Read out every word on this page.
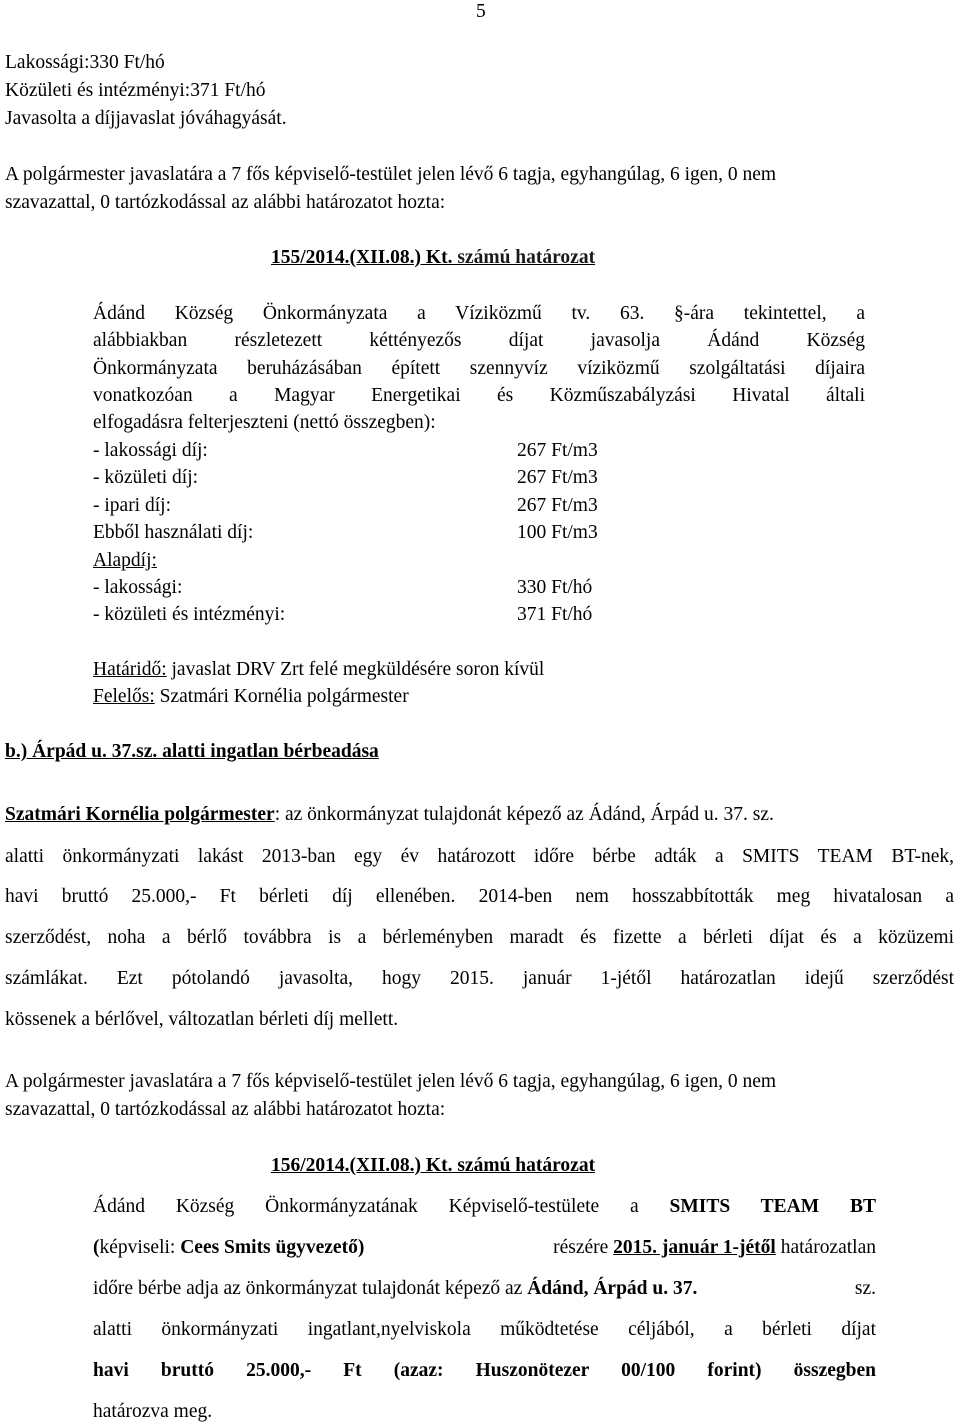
5
Lakossági:330 Ft/hó
Közületi és intézményi:371 Ft/hó
Javasolta a díjjavaslat jóváhagyását.
A polgármester javaslatára a 7 fős képviselő-testület jelen lévő 6 tagja, egyhangúlag, 6 igen, 0 nem
szavazattal, 0 tartózkodással az alábbi határozatot hozta:
155/2014.(XII.08.) Kt. számú határozat
Ádánd Község Önkormányzata a Víziközmű tv. 63. §-ára tekintettel, a
alábbiakban részletezett kéttényezős díjat javasolja Ádánd Község
Önkormányzata beruházásában épített szennyvíz víziközmű szolgáltatási díjaira
vonatkozóan a Magyar Energetikai és Közműszabályzási Hivatal általi
elfogadásra felterjeszteni (nettó összegben):
- lakossági díj:	267 Ft/m3
- közületi díj:	267 Ft/m3
- ipari díj:	267 Ft/m3
Ebből használati díj:	100 Ft/m3
Alapdíj:
- lakossági:	330 Ft/hó
- közületi és intézményi:	371 Ft/hó
Határidő: javaslat DRV Zrt felé megküldésére soron kívül
Felelős: Szatmári Kornélia polgármester
b.) Árpád u. 37.sz. alatti ingatlan bérbeadása
Szatmári Kornélia polgármester: az önkormányzat tulajdonát képező az Ádánd, Árpád u. 37. sz.
alatti önkormányzati lakást 2013-ban egy év határozott időre bérbe adták a SMITS TEAM BT-nek,
havi bruttó 25.000,- Ft bérleti díj ellenében. 2014-ben nem hosszabbították meg hivatalosan a
szerződést, noha a bérlő továbbra is a bérleményben maradt és fizette a bérleti díjat és a közüzemi
számlákat. Ezt pótolandó javasolta, hogy 2015. január 1-jétől határozatlan idejű szerződést
kössenek a bérlővel, változatlan bérleti díj mellett.
A polgármester javaslatára a 7 fős képviselő-testület jelen lévő 6 tagja, egyhangúlag, 6 igen, 0 nem
szavazattal, 0 tartózkodással az alábbi határozatot hozta:
156/2014.(XII.08.) Kt. számú határozat
Ádánd Község Önkormányzatának Képviselő-testülete a SMITS TEAM BT
(képviseli: Cees Smits ügyvezető)	részére 2015. január 1-jétől határozatlan
időre bérbe adja az önkormányzat tulajdonát képező az Ádánd, Árpád u. 37.	sz.
alatti önkormányzati ingatlant,nyelviskola működtetése céljából, a bérleti díjat
havi bruttó 25.000,- Ft (azaz: Huszonötezer 00/100 forint) összegben
határozva meg.
